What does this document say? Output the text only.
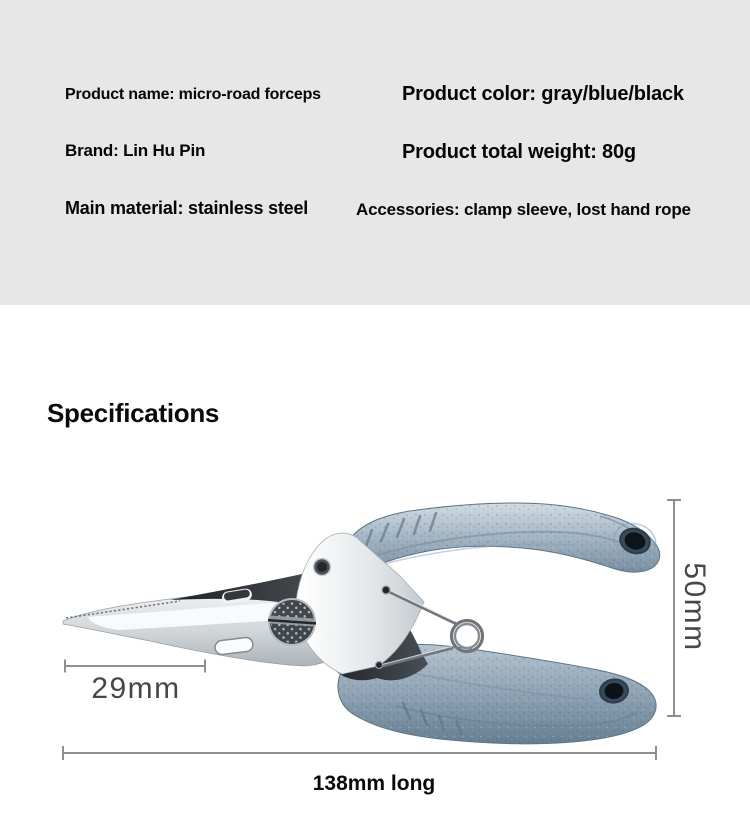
Product name: micro-road forceps
Brand: Lin Hu Pin
Main material: stainless steel
Product color: gray/blue/black
Product total weight: 80g
Accessories: clamp sleeve, lost hand rope
Specifications
29mm
50mm
138mm long
